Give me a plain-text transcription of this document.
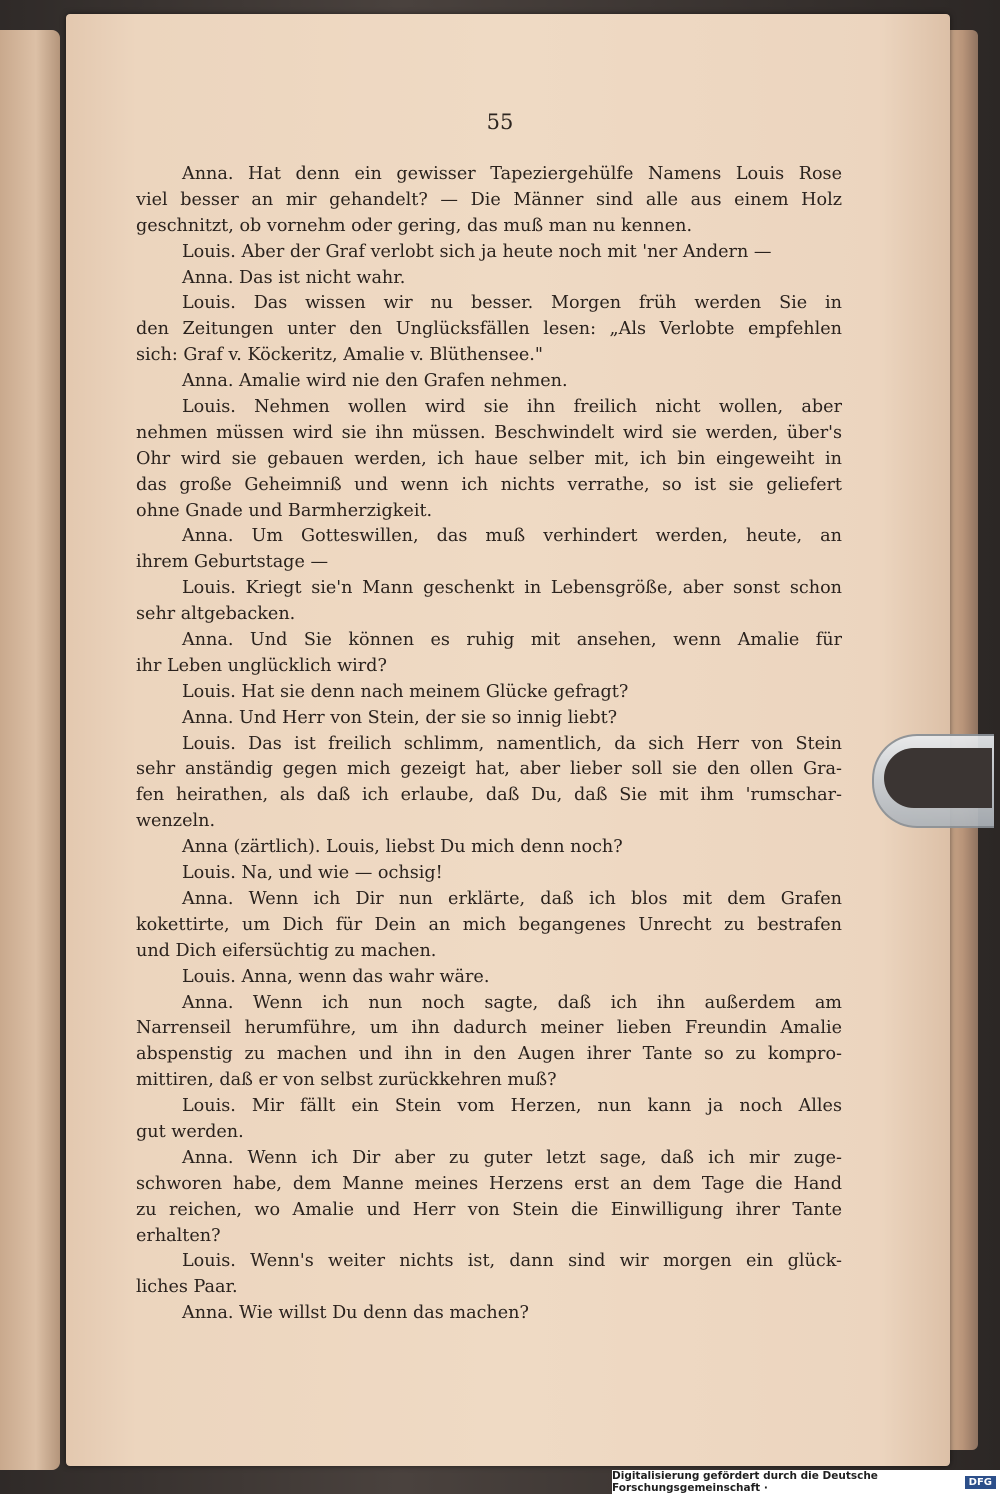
55
Anna. Hat denn ein gewisser Tapeziergehülfe Namens Louis Rose
viel besser an mir gehandelt? — Die Männer sind alle aus einem Holz
geschnitzt, ob vornehm oder gering, das muß man nu kennen.
Louis. Aber der Graf verlobt sich ja heute noch mit 'ner Andern —
Anna. Das ist nicht wahr.
Louis. Das wissen wir nu besser. Morgen früh werden Sie in
den Zeitungen unter den Unglücksfällen lesen: „Als Verlobte empfehlen
sich: Graf v. Köckeritz, Amalie v. Blüthensee."
Anna. Amalie wird nie den Grafen nehmen.
Louis. Nehmen wollen wird sie ihn freilich nicht wollen, aber
nehmen müssen wird sie ihn müssen. Beschwindelt wird sie werden, über's
Ohr wird sie gebauen werden, ich haue selber mit, ich bin eingeweiht in
das große Geheimniß und wenn ich nichts verrathe, so ist sie geliefert
ohne Gnade und Barmherzigkeit.
Anna. Um Gotteswillen, das muß verhindert werden, heute, an
ihrem Geburtstage —
Louis. Kriegt sie'n Mann geschenkt in Lebensgröße, aber sonst schon
sehr altgebacken.
Anna. Und Sie können es ruhig mit ansehen, wenn Amalie für
ihr Leben unglücklich wird?
Louis. Hat sie denn nach meinem Glücke gefragt?
Anna. Und Herr von Stein, der sie so innig liebt?
Louis. Das ist freilich schlimm, namentlich, da sich Herr von Stein
sehr anständig gegen mich gezeigt hat, aber lieber soll sie den ollen Gra-
fen heirathen, als daß ich erlaube, daß Du, daß Sie mit ihm 'rumschar-
wenzeln.
Anna (zärtlich). Louis, liebst Du mich denn noch?
Louis. Na, und wie — ochsig!
Anna. Wenn ich Dir nun erklärte, daß ich blos mit dem Grafen
kokettirte, um Dich für Dein an mich begangenes Unrecht zu bestrafen
und Dich eifersüchtig zu machen.
Louis. Anna, wenn das wahr wäre.
Anna. Wenn ich nun noch sagte, daß ich ihn außerdem am
Narrenseil herumführe, um ihn dadurch meiner lieben Freundin Amalie
abspenstig zu machen und ihn in den Augen ihrer Tante so zu kompro-
mittiren, daß er von selbst zurückkehren muß?
Louis. Mir fällt ein Stein vom Herzen, nun kann ja noch Alles
gut werden.
Anna. Wenn ich Dir aber zu guter letzt sage, daß ich mir zuge-
schworen habe, dem Manne meines Herzens erst an dem Tage die Hand
zu reichen, wo Amalie und Herr von Stein die Einwilligung ihrer Tante
erhalten?
Louis. Wenn's weiter nichts ist, dann sind wir morgen ein glück-
liches Paar.
Anna. Wie willst Du denn das machen?
Digitalisierung gefördert durch die Deutsche Forschungsgemeinschaft ·	DFG
